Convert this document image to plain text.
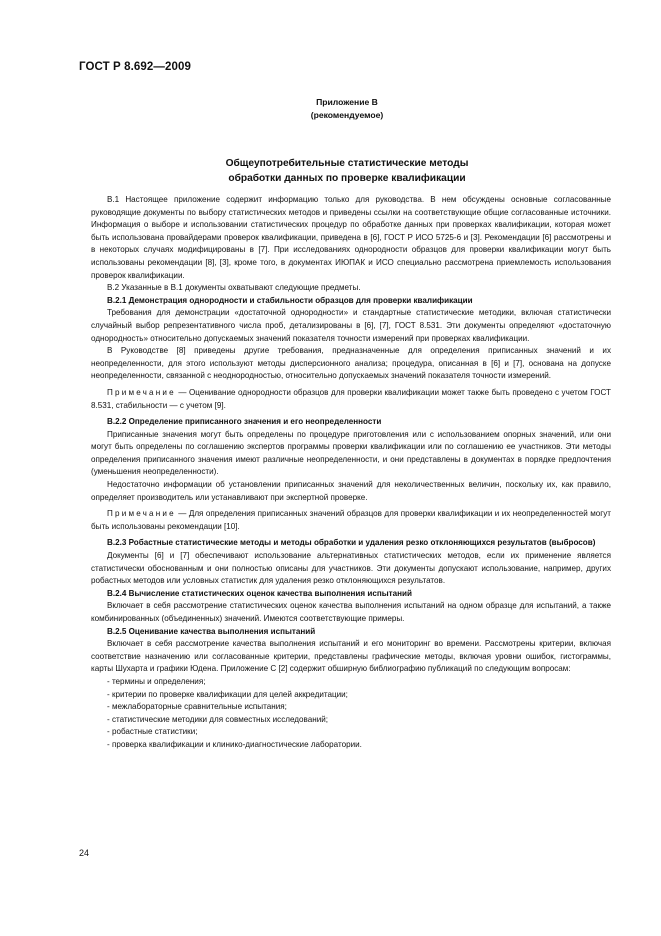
ГОСТ Р 8.692—2009
Приложение В
(рекомендуемое)
Общеупотребительные статистические методы
обработки данных по проверке квалификации

В.1 Настоящее приложение содержит информацию только для руководства. В нем обсуждены основные согласованные руководящие документы по выбору статистических методов и приведены ссылки на соответствующие общие согласованные источники. Информация о выборе и использовании статистических процедур по обработке данных при проверках квалификации, которая может быть использована провайдерами проверок квалификации, приведена в [6], ГОСТ Р ИСО 5725-6 и [3]. Рекомендации [6] рассмотрены и в некоторых случаях модифицированы в [7]. При исследованиях однородности образцов для проверки квалификации могут быть использованы рекомендации [8], [3], кроме того, в документах ИЮПАК и ИСО специально рассмотрена приемлемость использования проверок квалификации.

В.2 Указанные в В.1 документы охватывают следующие предметы.

В.2.1 Демонстрация однородности и стабильности образцов для проверки квалификации

Требования для демонстрации «достаточной однородности» и стандартные статистические методики, включая статистически случайный выбор репрезентативного числа проб, детализированы в [6], [7], ГОСТ 8.531. Эти документы определяют «достаточную однородность» относительно допускаемых значений показателя точности измерений при проверках квалификации.

В Руководстве [8] приведены другие требования, предназначенные для определения приписанных значений и их неопределенности, для этого используют методы дисперсионного анализа; процедура, описанная в [6] и [7], основана на допуске неопределенности, связанной с неоднородностью, относительно допускаемых значений показателя точности измерений.

Примечание — Оценивание однородности образцов для проверки квалификации может также быть проведено с учетом ГОСТ 8.531, стабильности — с учетом [9].

В.2.2 Определение приписанного значения и его неопределенности

Приписанные значения могут быть определены по процедуре приготовления или с использованием опорных значений, или они могут быть определены по соглашению экспертов программы проверки квалификации или по соглашению ее участников. Эти методы определения приписанного значения имеют различные неопределенности, и они представлены в документах в порядке предпочтения (уменьшения неопределенности).

Недостаточно информации об установлении приписанных значений для неколичественных величин, поскольку их, как правило, определяет производитель или устанавливают при экспертной проверке.

Примечание — Для определения приписанных значений образцов для проверки квалификации и их неопределенностей могут быть использованы рекомендации [10].

В.2.3 Робастные статистические методы и методы обработки и удаления резко отклоняющихся результатов (выбросов)

Документы [6] и [7] обеспечивают использование альтернативных статистических методов, если их применение является статистически обоснованным и они полностью описаны для участников. Эти документы допускают использование, например, других робастных методов или условных статистик для удаления резко отклоняющихся результатов.

В.2.4 Вычисление статистических оценок качества выполнения испытаний

Включает в себя рассмотрение статистических оценок качества выполнения испытаний на одном образце для испытаний, а также комбинированных (объединенных) значений. Имеются соответствующие примеры.

В.2.5 Оценивание качества выполнения испытаний

Включает в себя рассмотрение качества выполнения испытаний и его мониторинг во времени. Рассмотрены критерии, включая соответствие назначению или согласованные критерии, представлены графические методы, включая уровни ошибок, гистограммы, карты Шухарта и графики Юдена. Приложение С [2] содержит обширную библиографию публикаций по следующим вопросам:

- термины и определения;
- критерии по проверке квалификации для целей аккредитации;
- межлабораторные сравнительные испытания;
- статистические методики для совместных исследований;
- робастные статистики;
- проверка квалификации и клинико-диагностические лаборатории.
24
